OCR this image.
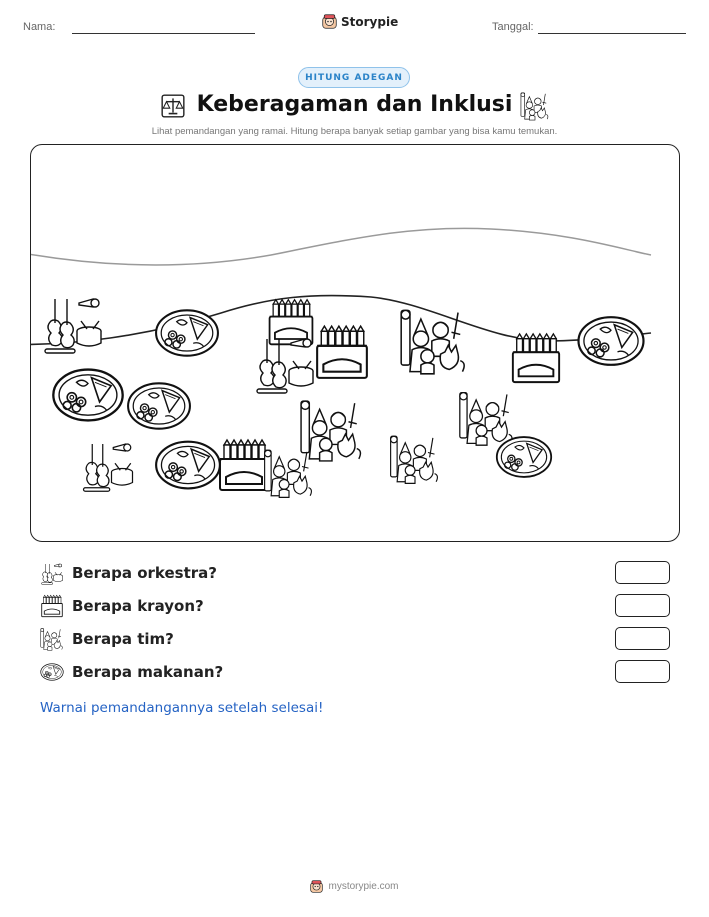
Nama:	Storypie	Tanggal:
HITUNG ADEGAN
Keberagaman dan Inklusi
Lihat pemandangan yang ramai. Hitung berapa banyak setiap gambar yang bisa kamu temukan.
Berapa orkestra?
Berapa krayon?
Berapa tim?
Berapa makanan?
Warnai pemandangannya setelah selesai!
mystorypie.com
